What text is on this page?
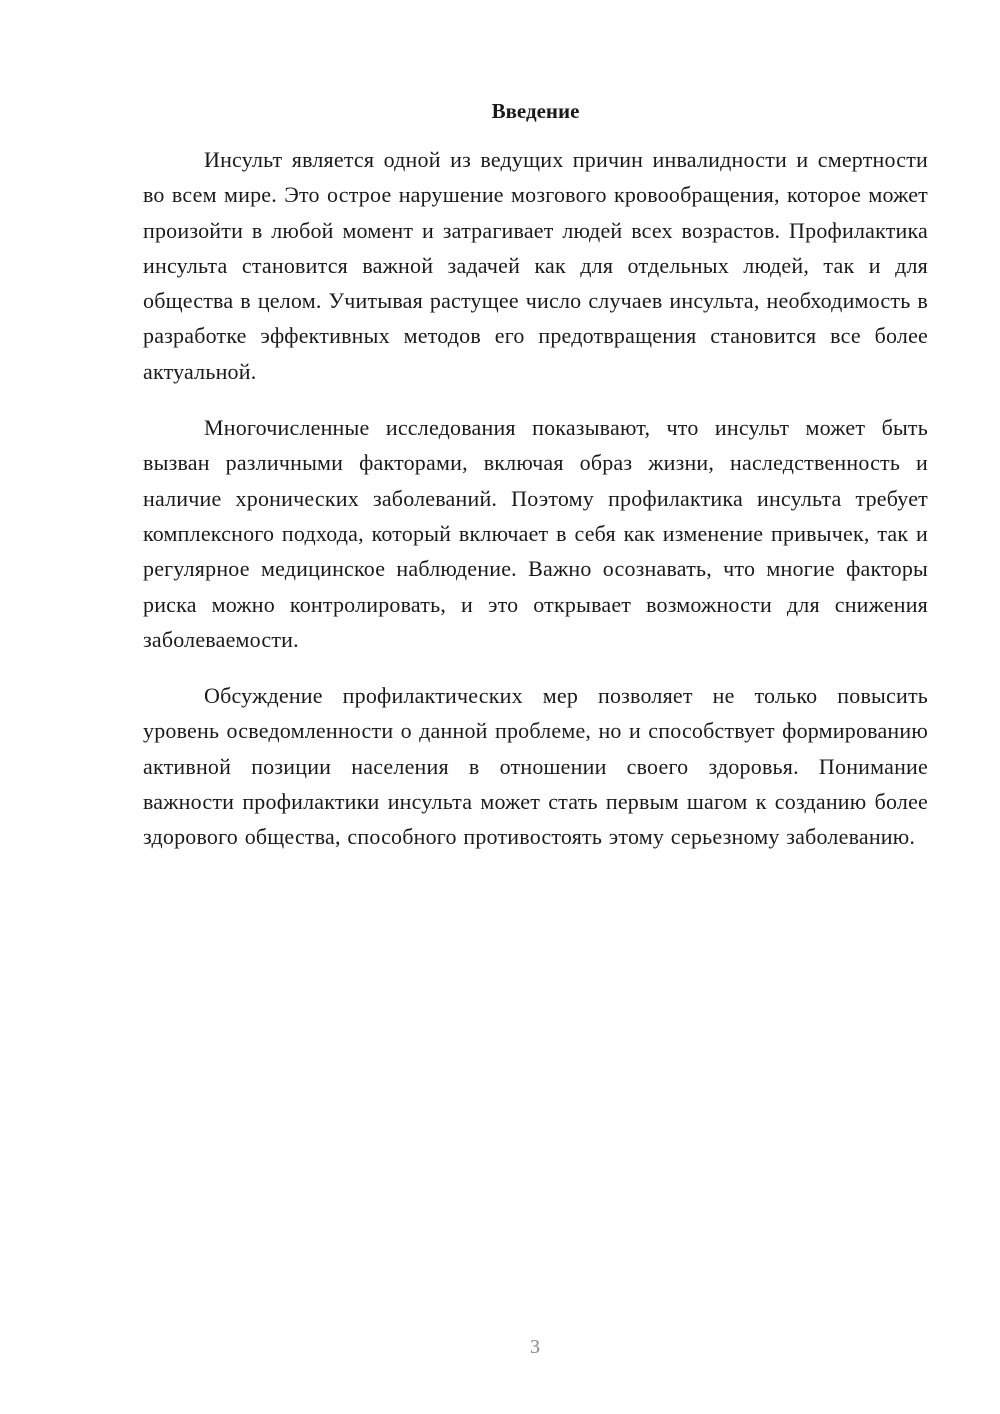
Введение

Инсульт является одной из ведущих причин инвалидности и смертности во всем мире. Это острое нарушение мозгового кровообращения, которое может произойти в любой момент и затрагивает людей всех возрастов. Профилактика инсульта становится важной задачей как для отдельных людей, так и для общества в целом. Учитывая растущее число случаев инсульта, необходимость в разработке эффективных методов его предотвращения становится все более актуальной.

Многочисленные исследования показывают, что инсульт может быть вызван различными факторами, включая образ жизни, наследственность и наличие хронических заболеваний. Поэтому профилактика инсульта требует комплексного подхода, который включает в себя как изменение привычек, так и регулярное медицинское наблюдение. Важно осознавать, что многие факторы риска можно контролировать, и это открывает возможности для снижения заболеваемости.

Обсуждение профилактических мер позволяет не только повысить уровень осведомленности о данной проблеме, но и способствует формированию активной позиции населения в отношении своего здоровья. Понимание важности профилактики инсульта может стать первым шагом к созданию более здорового общества, способного противостоять этому серьезному заболеванию.

3
